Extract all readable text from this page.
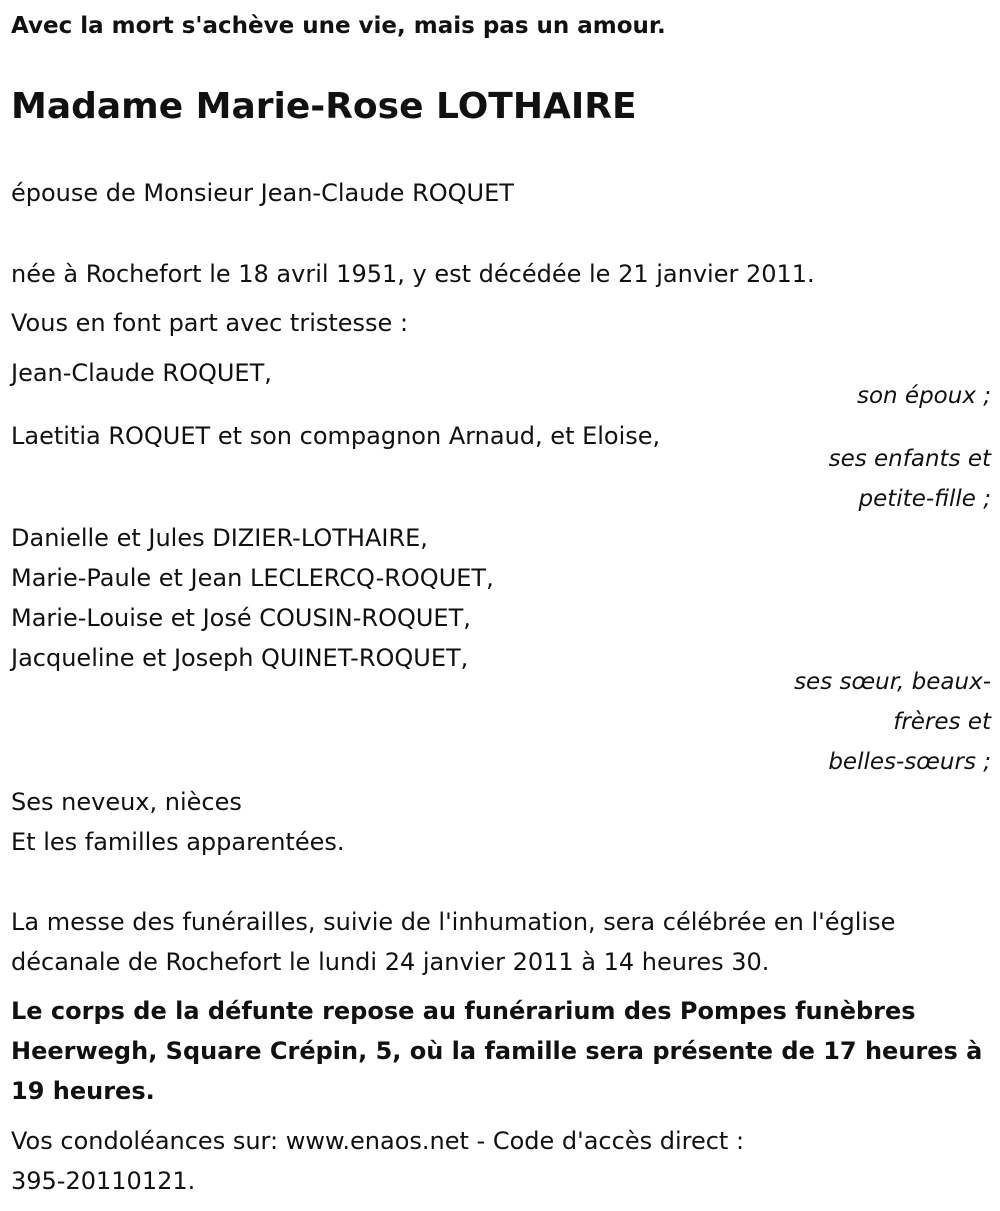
Avec la mort s'achève une vie, mais pas un amour.
Madame Marie-Rose LOTHAIRE
épouse de Monsieur Jean-Claude ROQUET
née à Rochefort le 18 avril 1951, y est décédée le 21 janvier 2011.
Vous en font part avec tristesse :
Jean-Claude ROQUET,
son époux ;
Laetitia ROQUET et son compagnon Arnaud, et Eloise,
ses enfants et
petite-fille ;
Danielle et Jules DIZIER-LOTHAIRE,
Marie-Paule et Jean LECLERCQ-ROQUET,
Marie-Louise et José COUSIN-ROQUET,
Jacqueline et Joseph QUINET-ROQUET,
ses sœur, beaux-
frères et
belles-sœurs ;
Ses neveux, nièces
Et les familles apparentées.
La messe des funérailles, suivie de l'inhumation, sera célébrée en l'église
décanale de Rochefort le lundi 24 janvier 2011 à 14 heures 30.
Le corps de la défunte repose au funérarium des Pompes funèbres
Heerwegh, Square Crépin, 5, où la famille sera présente de 17 heures à
19 heures.
Vos condoléances sur: www.enaos.net - Code d'accès direct :
395-20110121.
